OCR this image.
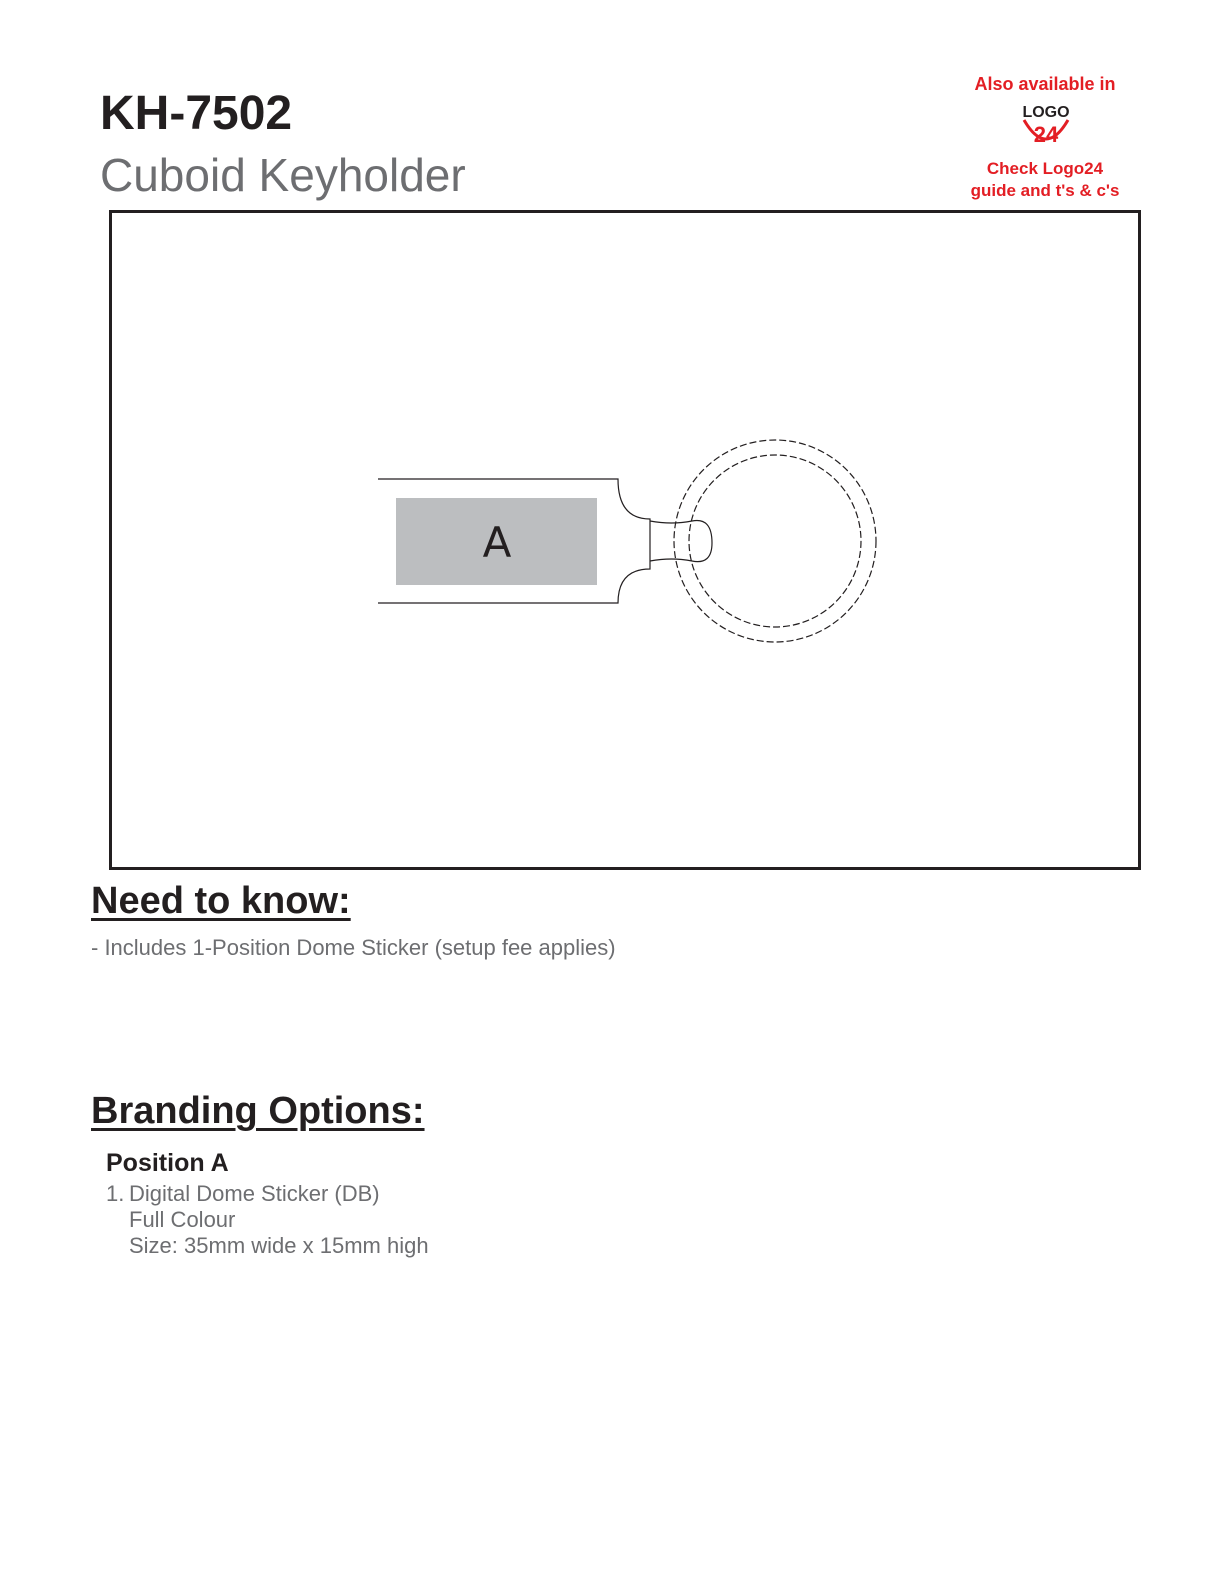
KH-7502
Cuboid Keyholder
Also available in
LOGO
24
Check Logo24
guide and t's & c's
A
Need to know:
- Includes 1-Position Dome Sticker (setup fee applies)
Branding Options:
Position A
1. Digital Dome Sticker (DB)
Full Colour
Size: 35mm wide x 15mm high
